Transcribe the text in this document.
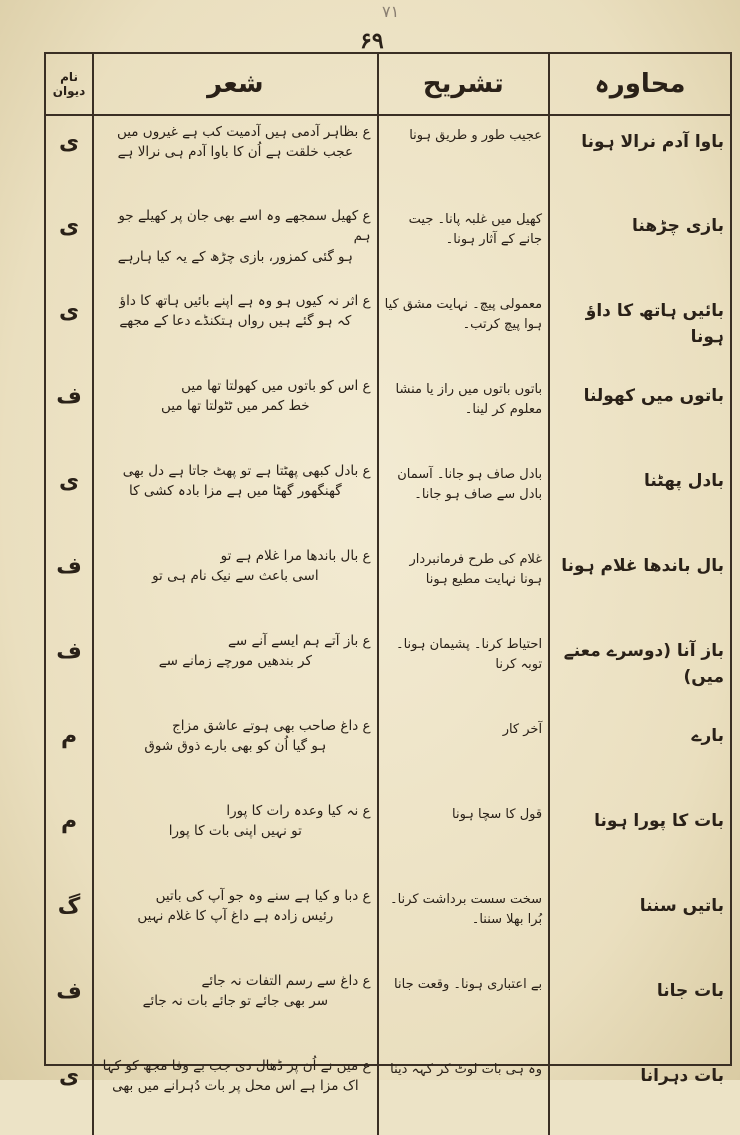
۷۱
۶۹
محاورہ	تشریح	شعر	نام دیوان
باوا آدم نرالا ہونا	عجیب طور و طریق ہونا	ع بظاہر آدمی ہیں آدمیت کب ہے غیروں میں
عجب خلقت ہے اُن کا باوا آدم ہی نرالا ہے	ی
بازی چڑھنا	کھیل میں غلبہ پانا۔ جیت جانے کے آثار ہونا۔	ع کھیل سمجھے وہ اسے بھی جان پر کھیلے جو ہم
ہو گئی کمزور، بازی چڑھ کے یہ کیا ہارہے	ی
بائیں ہاتھ کا داؤ ہونا	معمولی پیچ۔ نہایت مشق کیا ہوا پیچ کرتب۔	ع اثر نہ کیوں ہو وہ ہے اپنے بائیں ہاتھ کا داؤ
کہ ہو گئے ہیں رواں ہتکنڈے دعا کے مجھے	ی
باتوں میں کھولنا	باتوں باتوں میں راز یا منشا معلوم کر لینا۔	ع اس کو باتوں میں کھولتا تھا میں
خط کمر میں ٹٹولتا تھا میں	ف
بادل پھٹنا	بادل صاف ہو جانا۔ آسمان بادل سے صاف ہو جانا۔	ع بادل کبھی پھٹتا ہے تو پھٹ جاتا ہے دل بھی
گھنگھور گھٹا میں ہے مزا بادہ کشی کا	ی
بال باندھا غلام ہونا	غلام کی طرح فرمانبردار ہونا نہایت مطیع ہونا	ع بال باندھا مرا غلام ہے تو
اسی باعث سے نیک نام ہی تو	ف
باز آنا (دوسرے معنے میں)	احتیاط کرنا۔ پشیمان ہونا۔ توبہ کرنا	ع باز آتے ہم ایسے آنے سے
کر بندھیں مورچے زمانے سے	ف
بارے	آخر کار	ع داغ صاحب بھی ہوتے عاشق مزاج
ہو گیا اُن کو بھی بارے ذوق شوق	م
بات کا پورا ہونا	قول کا سچا ہونا	ع نہ کیا وعدہ رات کا پورا
تو نہیں اپنی بات کا پورا	م
باتیں سننا	سخت سست برداشت کرنا۔ بُرا بھلا سننا۔	ع دبا و کیا ہے سنے وہ جو آپ کی باتیں
رئیس زادہ ہے داغ آپ کا غلام نہیں	گ
بات جانا	بے اعتباری ہونا۔ وقعت جانا	ع داغ سے رسم التفات نہ جائے
سر بھی جائے تو جائے بات نہ جائے	ف
بات دہرانا	وہ ہی بات لوٹ کر کہہ دینا	ع میں نے اُن پر ڈھال دی جب بے وفا مجھ کو کہا
اک مزا ہے اس محل پر بات دُہرانے میں بھی	ی
